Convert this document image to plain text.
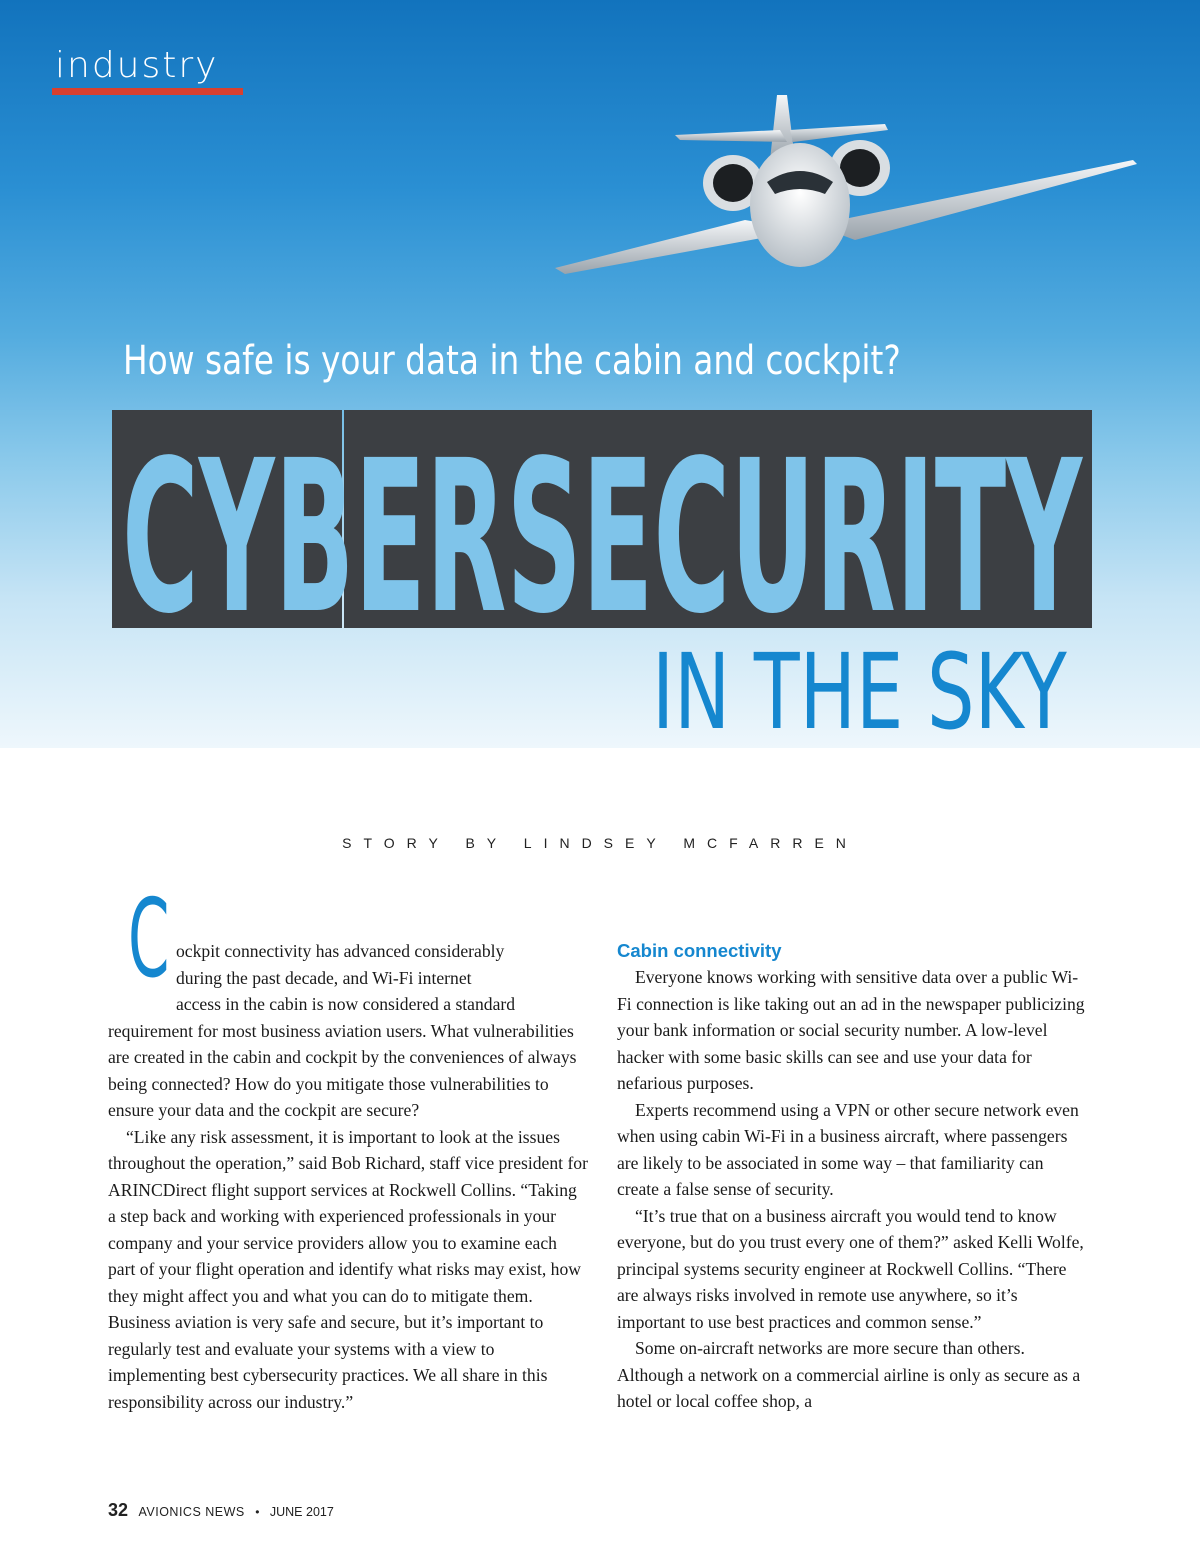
industry
How safe is your data in the cabin and cockpit?
CYBERSECURITY
IN THE SKY
STORY BY LINDSEY MCFARREN
C ockpit connectivity has advanced considerably
during the past decade, and Wi-Fi internet
access in the cabin is now considered a standard

requirement for most business aviation users. What vulnerabilities are created in the cabin and cockpit by the conveniences of always being connected? How do you mitigate those vulnerabilities to ensure your data and the cockpit are secure?

“Like any risk assessment, it is important to look at the issues throughout the operation,” said Bob Richard, staff vice president for ARINCDirect flight support services at Rockwell Collins. “Taking a step back and working with experienced professionals in your company and your service providers allow you to examine each part of your flight operation and identify what risks may exist, how they might affect you and what you can do to mitigate them. Business aviation is very safe and secure, but it’s important to regularly test and evaluate your systems with a view to implementing best cybersecurity practices. We all share in this responsibility across our industry.”

Cabin connectivity

Everyone knows working with sensitive data over a public Wi-Fi connection is like taking out an ad in the newspaper publicizing your bank information or social security number. A low-level hacker with some basic skills can see and use your data for nefarious purposes.

Experts recommend using a VPN or other secure network even when using cabin Wi-Fi in a business aircraft, where passengers are likely to be associated in some way – that familiarity can create a false sense of security.

“It’s true that on a business aircraft you would tend to know everyone, but do you trust every one of them?” asked Kelli Wolfe, principal systems security engineer at Rockwell Collins. “There are always risks involved in remote use anywhere, so it’s important to use best practices and common sense.”

Some on-aircraft networks are more secure than others. Although a network on a commercial airline is only as secure as a hotel or local coffee shop, a

32 AVIONICS NEWS • JUNE 2017
